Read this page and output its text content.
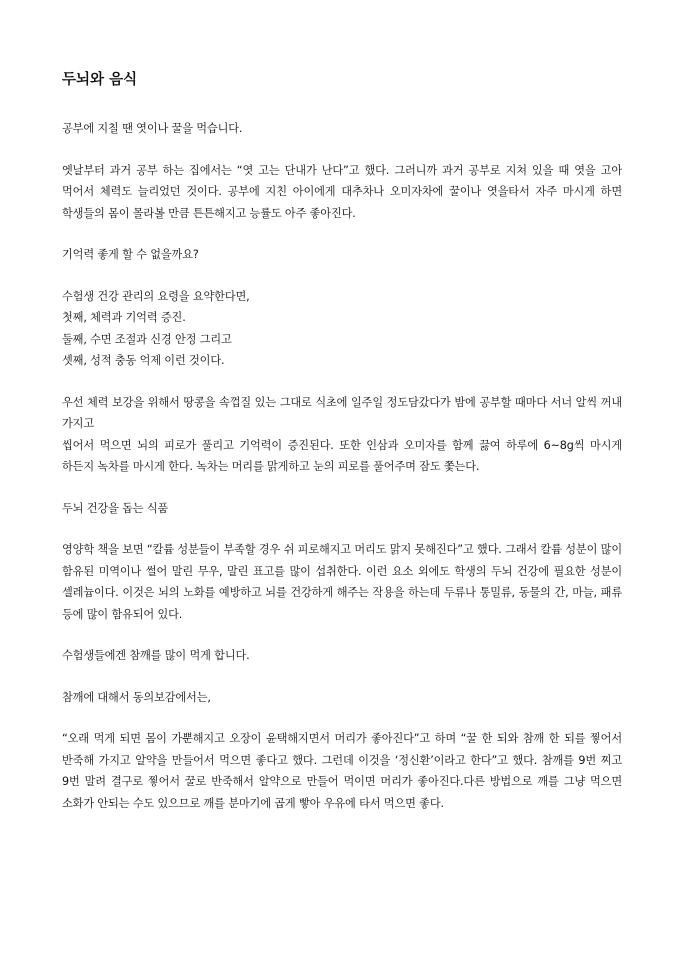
두뇌와 음식

공부에 지칠 땐 엿이나 꿀을 먹습니다.

엣날부터 과거 공부 하는 집에서는 “엿 고는 단내가 난다”고 했다. 그러니까 과거 공부로 지쳐 있을 때 엿을 고아 먹어서 체력도 늘리었던 것이다. 공부에 지친 아이에게 대추차나 오미자차에 꿀이나 엿을타서 자주 마시게 하면 학생들의 몸이 몰라볼 만큼 튼튼해지고 능률도 아주 좋아진다.

기억력 좋게 할 수 없을까요?

수험생 건강 관리의 요령을 요약한다면,
첫째, 체력과 기억력 증진.
둘째, 수면 조절과 신경 안정 그리고
셋째, 성적 충동 억제 이런 것이다.

우선 체력 보강을 위해서 땅콩을 속껍질 있는 그대로 식초에 일주일 정도담갔다가 밤에 공부할 때마다 서너 알씩 꺼내 가지고
씹어서 먹으면 뇌의 피로가 풀리고 기억력이 증진된다. 또한 인삼과 오미자를 함께 끓여 하루에 6~8g씩 마시게 하든지 녹차를 마시게 한다. 녹차는 머리를 맑게하고 눈의 피로를 풀어주며 잠도 쫓는다.

두뇌 건강을 돕는 식품

영양학 책을 보면 “칼륨 성분들이 부족할 경우 쉬 피로해지고 머리도 맑지 못해진다”고 했다. 그래서 칼륨 성분이 많이 함유된 미역이나 썰어 말린 무우, 말린 표고를 많이 섭취한다. 이런 요소 외에도 학생의 두뇌 건강에 필요한 성분이 셀레늄이다. 이것은 뇌의 노화를 예방하고 뇌를 건강하게 해주는 작용을 하는데 두류나 통밀류, 동물의 간, 마늘, 패류 등에 많이 함유되어 있다.

수험생들에겐 참깨를 많이 먹게 합니다.

참깨에 대해서 동의보감에서는,

“오래 먹게 되면 몸이 가뿐해지고 오장이 윤택해지면서 머리가 좋아진다”고 하며 “꿀 한 되와 참깨 한 되를 찧어서 반죽해 가지고 알약을 만들어서 먹으면 좋다고 했다. 그런데 이것을 ‘정신환’이라고 한다”고 했다. 참깨를 9번 찌고 9번 말려 결구로 찧어서 꿀로 반죽해서 알약으로 만들어 먹이면 머리가 좋아진다.다른 방법으로 깨를 그냥 먹으면 소화가 안되는 수도 있으므로 깨를 분마기에 곱게 빻아 우유에 타서 먹으면 좋다.
